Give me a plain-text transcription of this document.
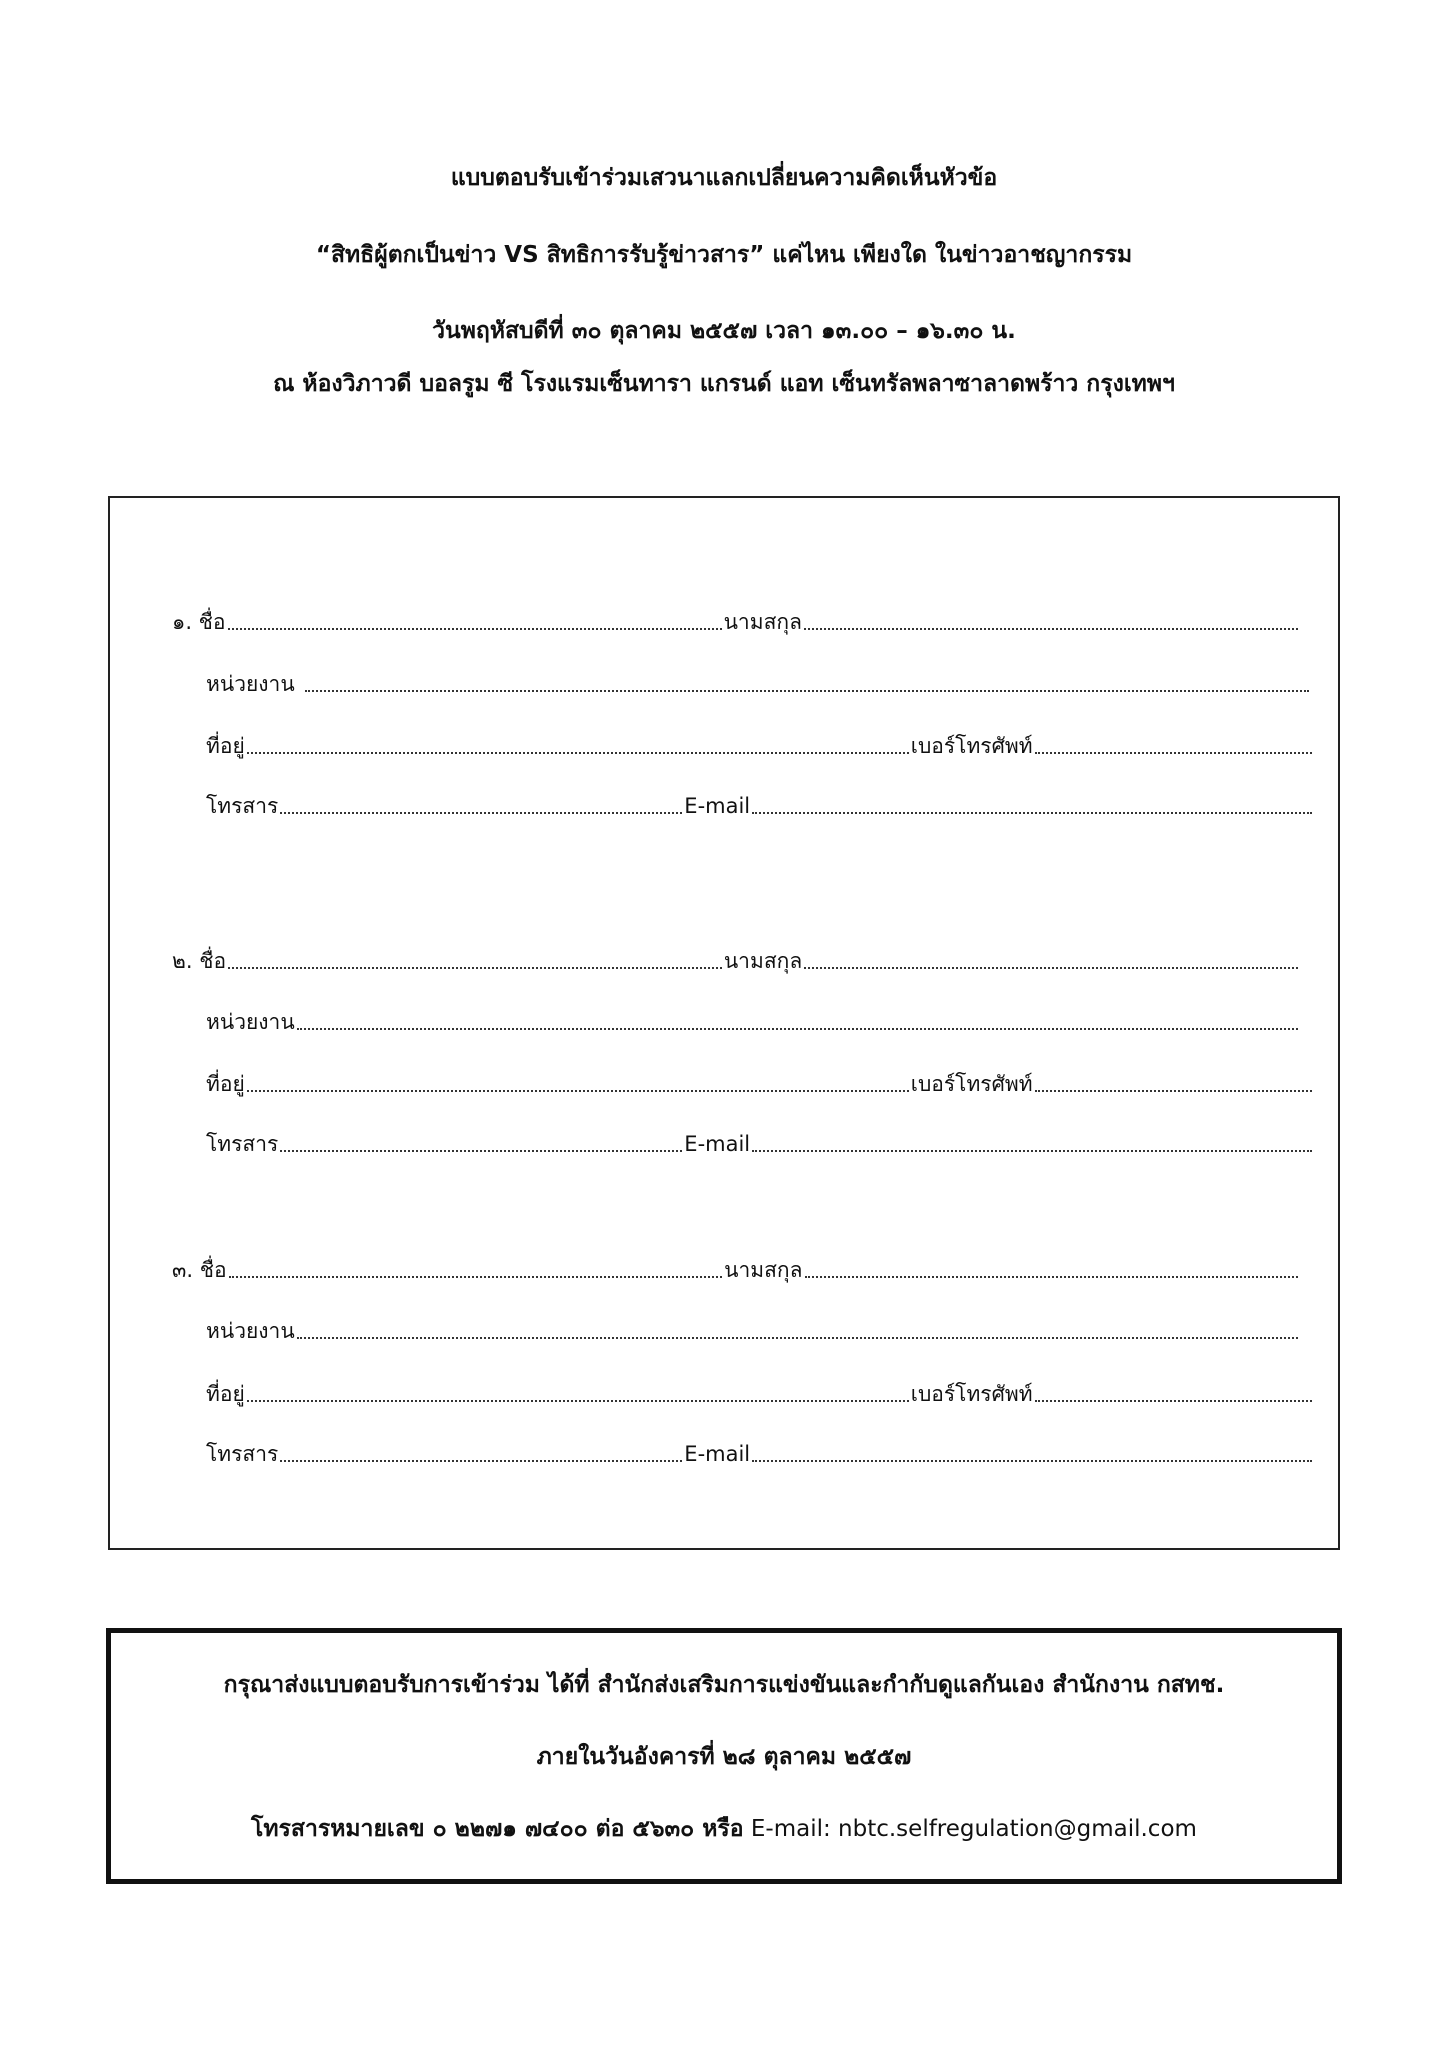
แบบตอบรับเข้าร่วมเสวนาแลกเปลี่ยนความคิดเห็นหัวข้อ
“สิทธิผู้ตกเป็นข่าว VS สิทธิการรับรู้ข่าวสาร” แค่ไหน เพียงใด ในข่าวอาชญากรรม
วันพฤหัสบดีที่ ๓๐ ตุลาคม ๒๕๕๗ เวลา ๑๓.๐๐ – ๑๖.๓๐ น.
ณ ห้องวิภาวดี บอลรูม ซี โรงแรมเซ็นทารา แกรนด์ แอท เซ็นทรัลพลาซาลาดพร้าว กรุงเทพฯ
๑. ชื่อ	นามสกุล
หน่วยงาน
ที่อยู่	เบอร์โทรศัพท์
โทรสาร	E-mail
๒. ชื่อ	นามสกุล
หน่วยงาน
ที่อยู่	เบอร์โทรศัพท์
โทรสาร	E-mail
๓. ชื่อ	นามสกุล
หน่วยงาน
ที่อยู่	เบอร์โทรศัพท์
โทรสาร	E-mail
กรุณาส่งแบบตอบรับการเข้าร่วม ได้ที่ สำนักส่งเสริมการแข่งขันและกำกับดูแลกันเอง สำนักงาน กสทช.
ภายในวันอังคารที่ ๒๘ ตุลาคม ๒๕๕๗
โทรสารหมายเลข ๐ ๒๒๗๑ ๗๔๐๐ ต่อ ๕๖๓๐ หรือ E-mail: nbtc.selfregulation@gmail.com
